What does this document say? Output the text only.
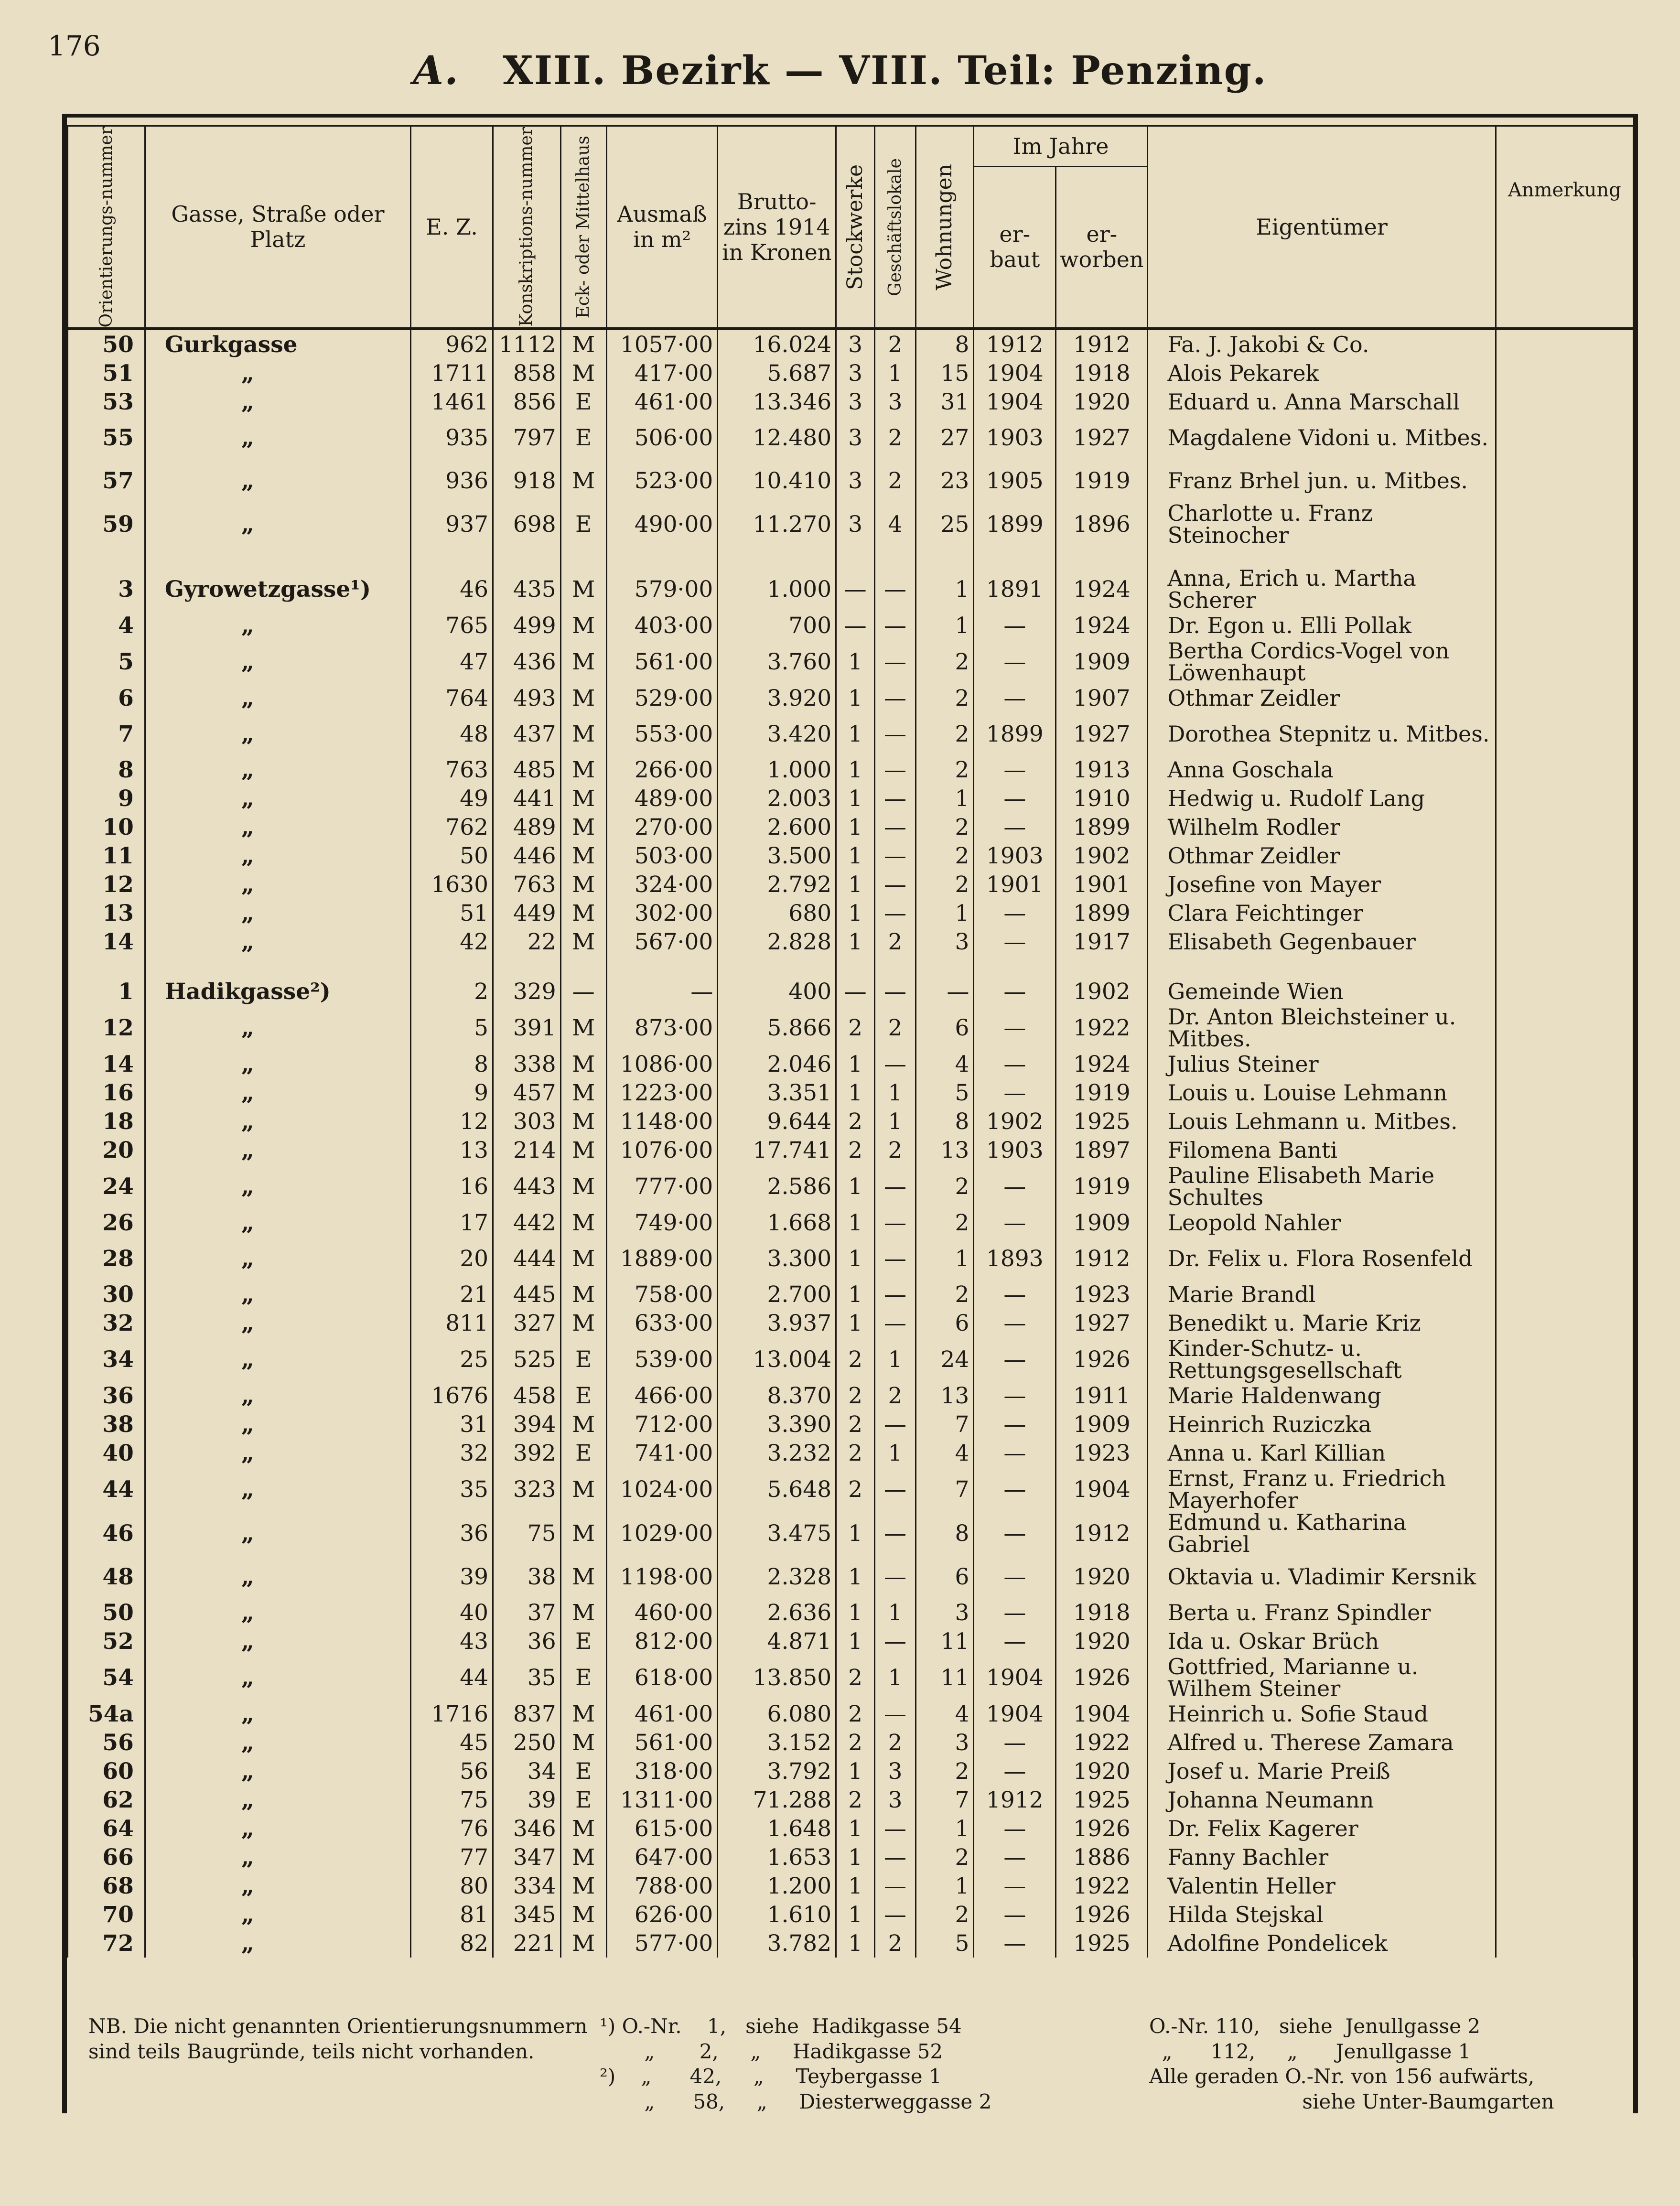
176
A. XIII. Bezirk — VIII. Teil: Penzing.
Orientierungs-nummer	Gasse, Straße oder Platz	E. Z.	Konskriptions-nummer	Eck- oder Mittelhaus	Ausmaß in m²	Brutto-zins 1914 in Kronen	Stockwerke	Geschäftslokale	Wohnungen	Im Jahre		Eigentümer	Anmerkung
										er-baut	er-worben		
50	Gurkgasse	962	1112	M	1057·00	16.024	3	2	8	1912	1912	Fa. J. Jakobi & Co.	
51	„	1711	858	M	417·00	5.687	3	1	15	1904	1918	Alois Pekarek	
53	„	1461	856	E	461·00	13.346	3	3	31	1904	1920	Eduard u. Anna Marschall	
55	„	935	797	E	506·00	12.480	3	2	27	1903	1927	Magdalene Vidoni u. Mitbes.	
57	„	936	918	M	523·00	10.410	3	2	23	1905	1919	Franz Brhel jun. u. Mitbes.	
59	„	937	698	E	490·00	11.270	3	4	25	1899	1896	Charlotte u. Franz Steinocher	

3	Gyrowetzgasse¹)	46	435	M	579·00	1.000	—	—	1	1891	1924	Anna, Erich u. Martha Scherer	
4	„	765	499	M	403·00	700	—	—	1	—	1924	Dr. Egon u. Elli Pollak	
5	„	47	436	M	561·00	3.760	1	—	2	—	1909	Bertha Cordics-Vogel von Löwenhaupt	
6	„	764	493	M	529·00	3.920	1	—	2	—	1907	Othmar Zeidler	
7	„	48	437	M	553·00	3.420	1	—	2	1899	1927	Dorothea Stepnitz u. Mitbes.	
8	„	763	485	M	266·00	1.000	1	—	2	—	1913	Anna Goschala	
9	„	49	441	M	489·00	2.003	1	—	1	—	1910	Hedwig u. Rudolf Lang	
10	„	762	489	M	270·00	2.600	1	—	2	—	1899	Wilhelm Rodler	
11	„	50	446	M	503·00	3.500	1	—	2	1903	1902	Othmar Zeidler	
12	„	1630	763	M	324·00	2.792	1	—	2	1901	1901	Josefine von Mayer	
13	„	51	449	M	302·00	680	1	—	1	—	1899	Clara Feichtinger	
14	„	42	22	M	567·00	2.828	1	2	3	—	1917	Elisabeth Gegenbauer	

1	Hadikgasse²)	2	329	—	—	400	—	—	—	—	1902	Gemeinde Wien	
12	„	5	391	M	873·00	5.866	2	2	6	—	1922	Dr. Anton Bleichsteiner u. Mitbes.	
14	„	8	338	M	1086·00	2.046	1	—	4	—	1924	Julius Steiner	
16	„	9	457	M	1223·00	3.351	1	1	5	—	1919	Louis u. Louise Lehmann	
18	„	12	303	M	1148·00	9.644	2	1	8	1902	1925	Louis Lehmann u. Mitbes.	
20	„	13	214	M	1076·00	17.741	2	2	13	1903	1897	Filomena Banti	
24	„	16	443	M	777·00	2.586	1	—	2	—	1919	Pauline Elisabeth Marie Schultes	
26	„	17	442	M	749·00	1.668	1	—	2	—	1909	Leopold Nahler	
28	„	20	444	M	1889·00	3.300	1	—	1	1893	1912	Dr. Felix u. Flora Rosenfeld	
30	„	21	445	M	758·00	2.700	1	—	2	—	1923	Marie Brandl	
32	„	811	327	M	633·00	3.937	1	—	6	—	1927	Benedikt u. Marie Kriz	
34	„	25	525	E	539·00	13.004	2	1	24	—	1926	Kinder-Schutz- u. Rettungsgesellschaft	
36	„	1676	458	E	466·00	8.370	2	2	13	—	1911	Marie Haldenwang	
38	„	31	394	M	712·00	3.390	2	—	7	—	1909	Heinrich Ruziczka	
40	„	32	392	E	741·00	3.232	2	1	4	—	1923	Anna u. Karl Killian	
44	„	35	323	M	1024·00	5.648	2	—	7	—	1904	Ernst, Franz u. Friedrich Mayerhofer	
46	„	36	75	M	1029·00	3.475	1	—	8	—	1912	Edmund u. Katharina Gabriel	
48	„	39	38	M	1198·00	2.328	1	—	6	—	1920	Oktavia u. Vladimir Kersnik	
50	„	40	37	M	460·00	2.636	1	1	3	—	1918	Berta u. Franz Spindler	
52	„	43	36	E	812·00	4.871	1	—	11	—	1920	Ida u. Oskar Brüch	
54	„	44	35	E	618·00	13.850	2	1	11	1904	1926	Gottfried, Marianne u. Wilhem Steiner	
54a	„	1716	837	M	461·00	6.080	2	—	4	1904	1904	Heinrich u. Sofie Staud	
56	„	45	250	M	561·00	3.152	2	2	3	—	1922	Alfred u. Therese Zamara	
60	„	56	34	E	318·00	3.792	1	3	2	—	1920	Josef u. Marie Preiß	
62	„	75	39	E	1311·00	71.288	2	3	7	1912	1925	Johanna Neumann	
64	„	76	346	M	615·00	1.648	1	—	1	—	1926	Dr. Felix Kagerer	
66	„	77	347	M	647·00	1.653	1	—	2	—	1886	Fanny Bachler	
68	„	80	334	M	788·00	1.200	1	—	1	—	1922	Valentin Heller	
70	„	81	345	M	626·00	1.610	1	—	2	—	1926	Hilda Stejskal	
72	„	82	221	M	577·00	3.782	1	2	5	—	1925	Adolfine Pondelicek	
NB. Die nicht genannten Orientierungsnummern sind teils Baugründe, teils nicht vorhanden.
¹) O.-Nr.    1,   siehe  Hadikgasse 54
„       2,     „     Hadikgasse 52
²)    „      42,     „     Teybergasse 1
„      58,     „     Diesterweggasse 2
O.-Nr. 110,   siehe  Jenullgasse 2
„      112,     „      Jenullgasse 1
Alle geraden O.-Nr. von 156 aufwärts,
siehe Unter-Baumgarten
